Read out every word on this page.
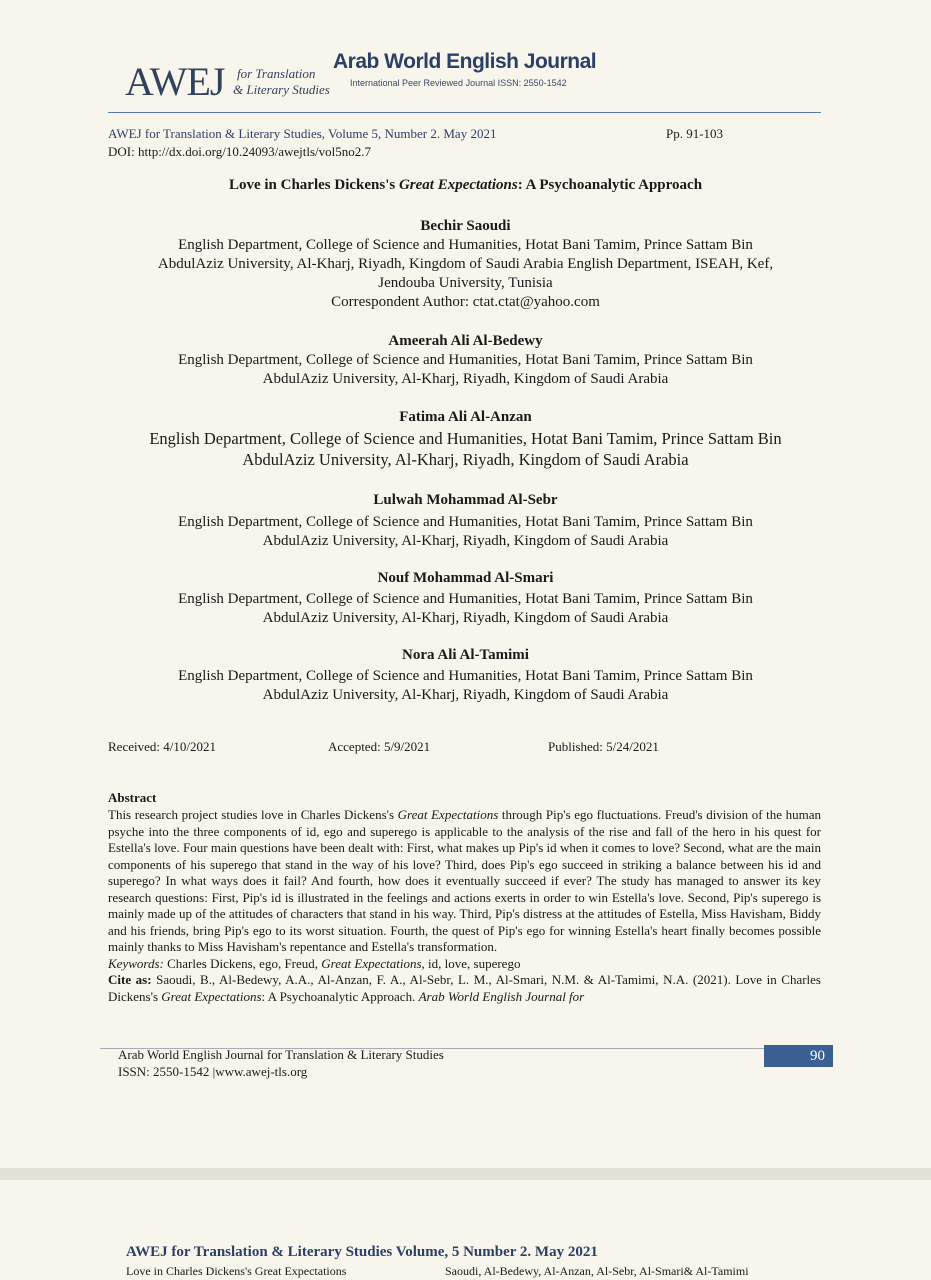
AWEJ for Translation
& Literary Studies
Arab World English Journal
International Peer Reviewed Journal ISSN: 2550-1542
AWEJ for Translation & Literary Studies, Volume 5, Number 2. May 2021	Pp. 91-103
DOI: http://dx.doi.org/10.24093/awejtls/vol5no2.7
Love in Charles Dickens's Great Expectations: A Psychoanalytic Approach
Bechir Saoudi
English Department, College of Science and Humanities, Hotat Bani Tamim, Prince Sattam Bin
AbdulAziz University, Al-Kharj, Riyadh, Kingdom of Saudi Arabia English Department, ISEAH, Kef,
Jendouba University, Tunisia
Correspondent Author: ctat.ctat@yahoo.com
Ameerah Ali Al-Bedewy
English Department, College of Science and Humanities, Hotat Bani Tamim, Prince Sattam Bin
AbdulAziz University, Al-Kharj, Riyadh, Kingdom of Saudi Arabia
Fatima Ali Al-Anzan
English Department, College of Science and Humanities, Hotat Bani Tamim, Prince Sattam Bin
AbdulAziz University, Al-Kharj, Riyadh, Kingdom of Saudi Arabia
Lulwah Mohammad Al-Sebr
English Department, College of Science and Humanities, Hotat Bani Tamim, Prince Sattam Bin
AbdulAziz University, Al-Kharj, Riyadh, Kingdom of Saudi Arabia
Nouf Mohammad Al-Smari
English Department, College of Science and Humanities, Hotat Bani Tamim, Prince Sattam Bin
AbdulAziz University, Al-Kharj, Riyadh, Kingdom of Saudi Arabia
Nora Ali Al-Tamimi
English Department, College of Science and Humanities, Hotat Bani Tamim, Prince Sattam Bin
AbdulAziz University, Al-Kharj, Riyadh, Kingdom of Saudi Arabia
Received: 4/10/2021	Accepted: 5/9/2021	Published: 5/24/2021
Abstract

This research project studies love in Charles Dickens's Great Expectations through Pip's ego fluctuations. Freud's division of the human psyche into the three components of id, ego and superego is applicable to the analysis of the rise and fall of the hero in his quest for Estella's love. Four main questions have been dealt with: First, what makes up Pip's id when it comes to love? Second, what are the main components of his superego that stand in the way of his love? Third, does Pip's ego succeed in striking a balance between his id and superego? In what ways does it fail? And fourth, how does it eventually succeed if ever? The study has managed to answer its key research questions: First, Pip's id is illustrated in the feelings and actions exerts in order to win Estella's love. Second, Pip's superego is mainly made up of the attitudes of characters that stand in his way. Third, Pip's distress at the attitudes of Estella, Miss Havisham, Biddy and his friends, bring Pip's ego to its worst situation. Fourth, the quest of Pip's ego for winning Estella's heart finally becomes possible mainly thanks to Miss Havisham's repentance and Estella's transformation.

Keywords: Charles Dickens, ego, Freud, Great Expectations, id, love, superego

Cite as: Saoudi, B., Al-Bedewy, A.A., Al-Anzan, F. A., Al-Sebr, L. M., Al-Smari, N.M. & Al-Tamimi, N.A. (2021). Love in Charles Dickens's Great Expectations: A Psychoanalytic Approach. Arab World English Journal for

Arab World English Journal for Translation & Literary Studies
ISSN: 2550-1542 |www.awej-tls.org
90
AWEJ for Translation & Literary Studies Volume, 5 Number 2. May 2021
Love in Charles Dickens's Great Expectations	Saoudi, Al-Bedewy, Al-Anzan, Al-Sebr, Al-Smari& Al-Tamimi
